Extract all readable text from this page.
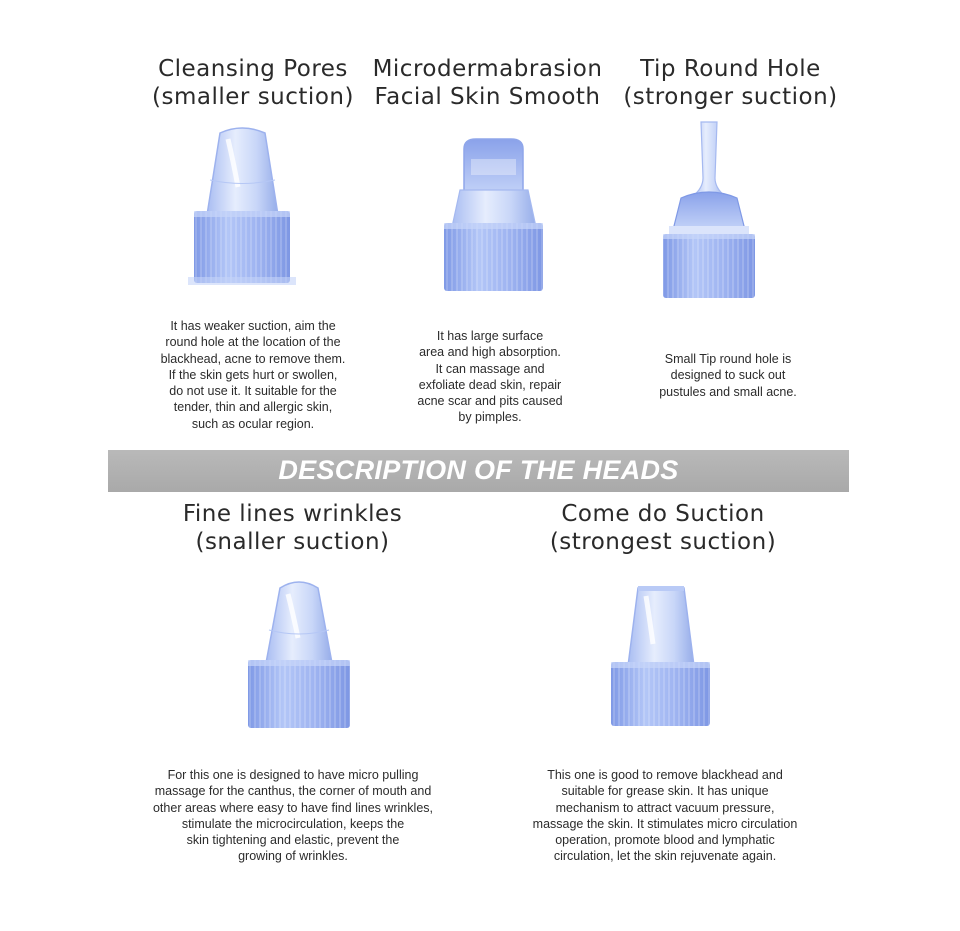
Cleansing Pores
(smaller suction)
Microdermabrasion
Facial Skin Smooth
Tip Round Hole
(stronger suction)
Fine lines wrinkles
(snaller suction)
Come do Suction
(strongest suction)
It has weaker suction, aim the
round hole at the location of the
blackhead, acne to remove them.
If the skin gets hurt or swollen,
do not use it. It suitable for the
tender, thin and allergic skin,
such as ocular region.
It has large surface
area and high absorption.
It can massage and
exfoliate dead skin, repair
acne scar and pits caused
by pimples.
Small Tip round hole is
designed to suck out
pustules and small acne.
For this one is designed to have micro pulling
massage for the canthus, the corner of mouth and
other areas where easy to have find lines wrinkles,
stimulate the microcirculation, keeps the
skin tightening and elastic, prevent the
growing of wrinkles.
This one is good to remove blackhead and
suitable for grease skin. It has unique
mechanism to attract vacuum pressure,
massage the skin. It stimulates micro circulation
operation, promote blood and lymphatic
circulation, let the skin rejuvenate again.
DESCRIPTION OF THE HEADS
